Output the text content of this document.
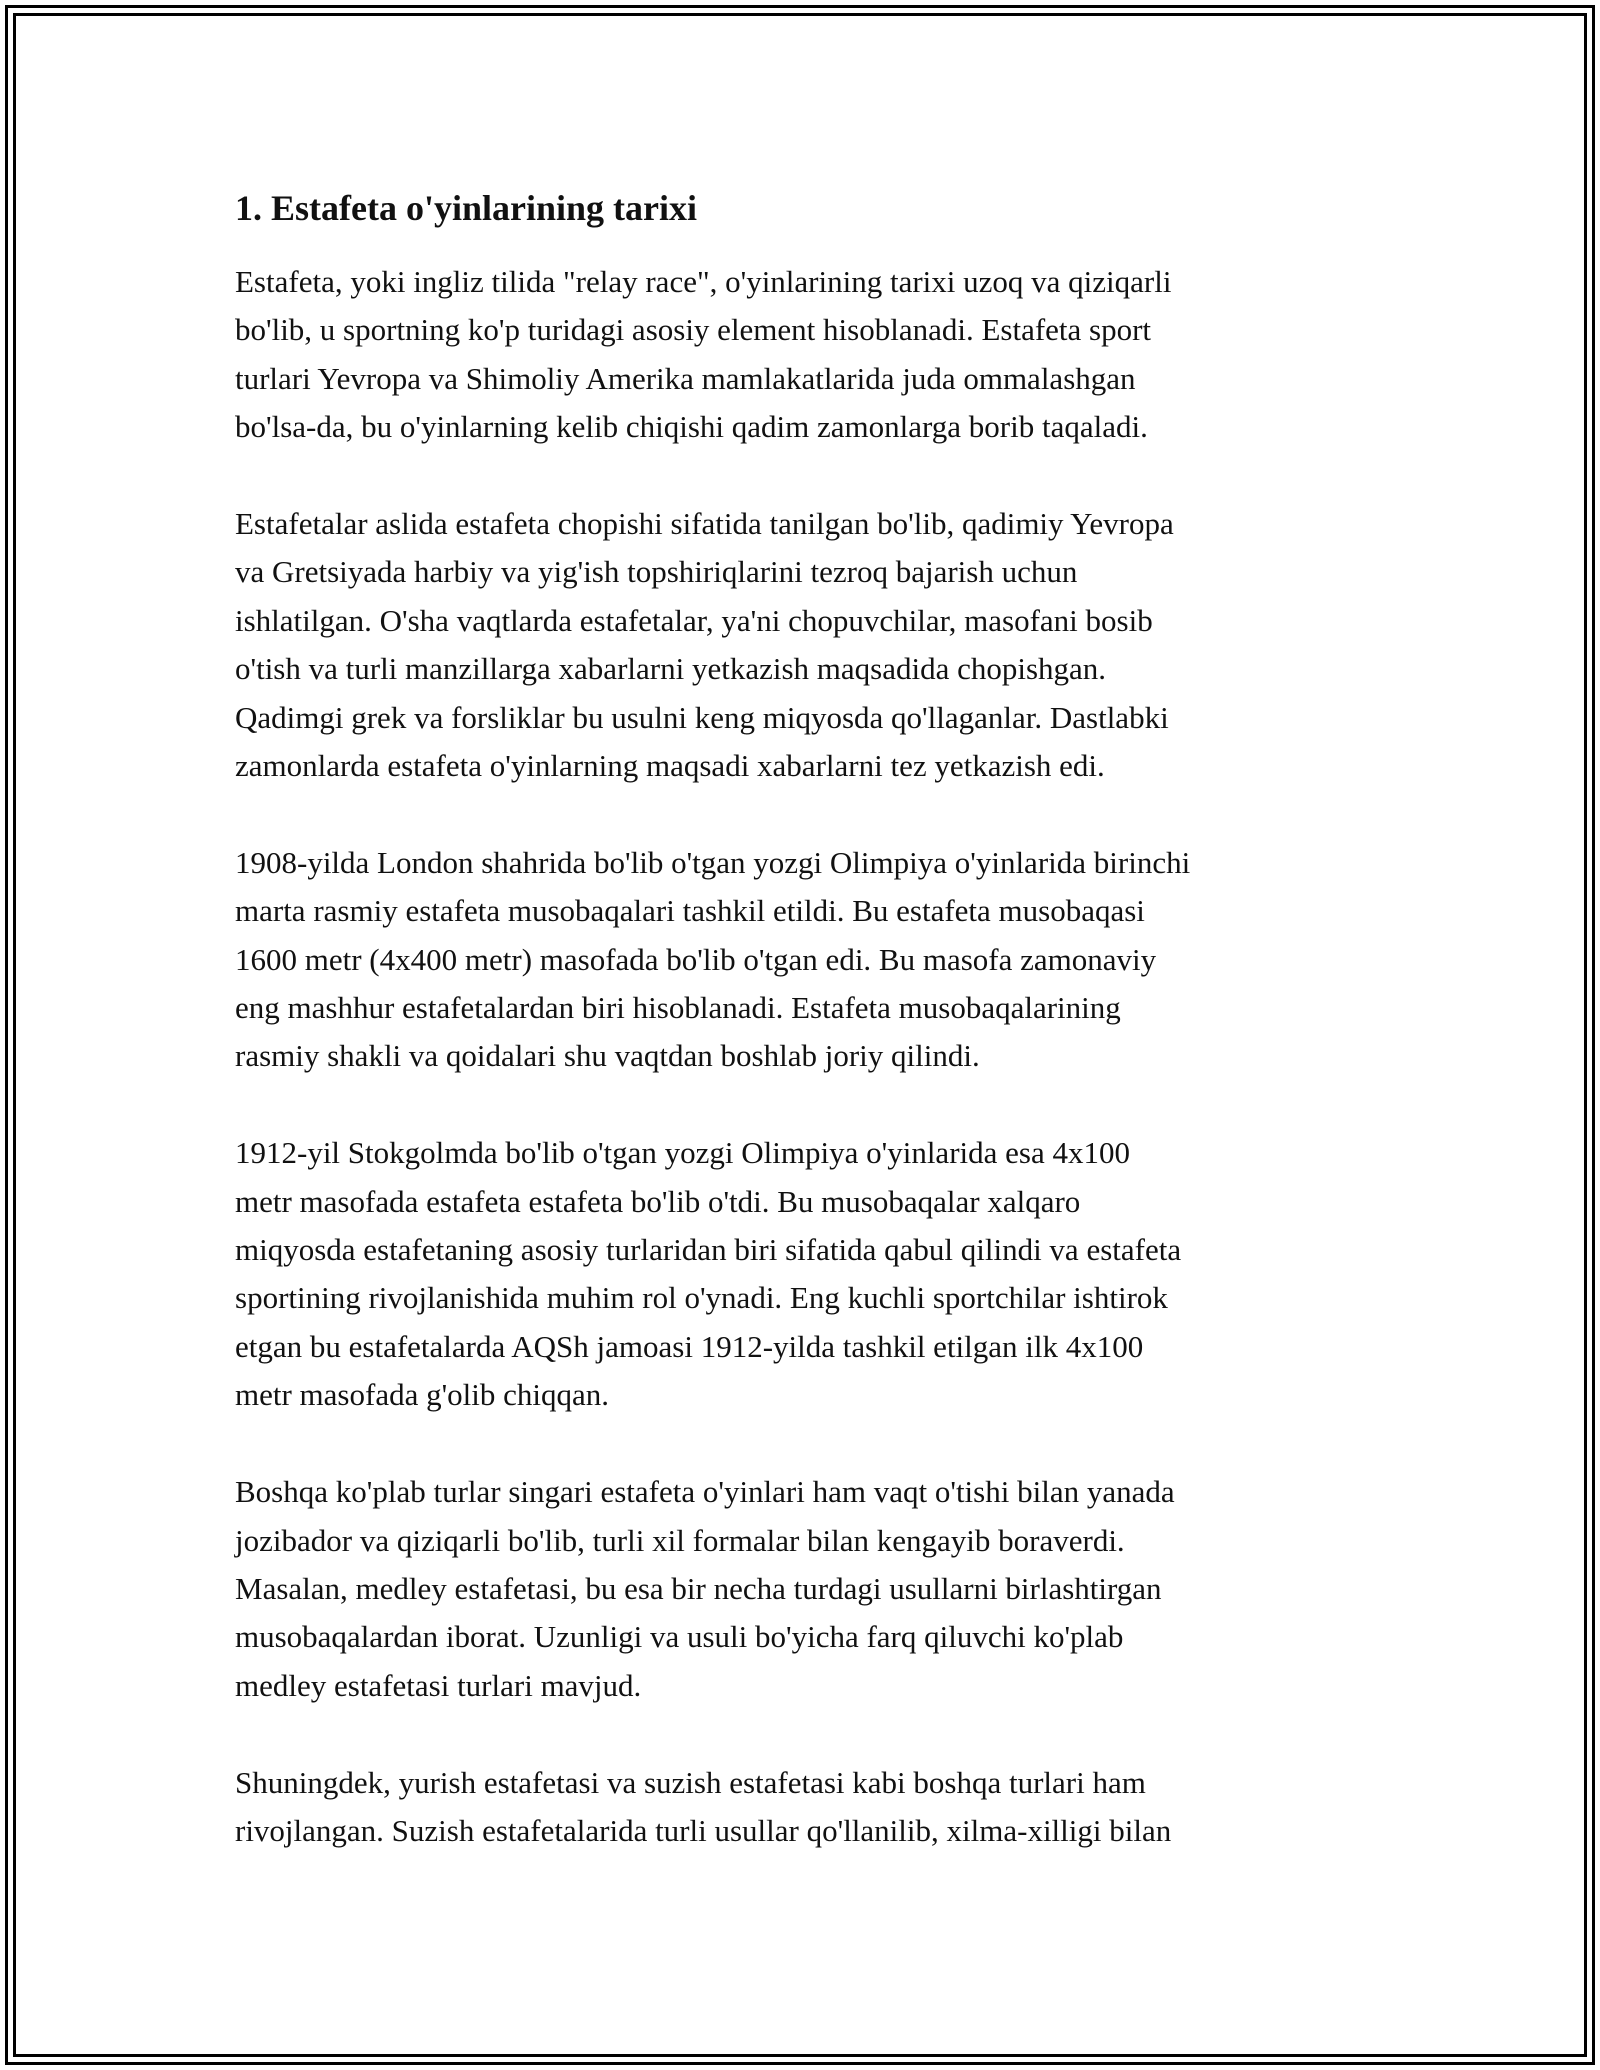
1. Estafeta o'yinlarining tarixi

Estafeta, yoki ingliz tilida "relay race", o'yinlarining tarixi uzoq va qiziqarli
bo'lib, u sportning ko'p turidagi asosiy element hisoblanadi. Estafeta sport
turlari Yevropa va Shimoliy Amerika mamlakatlarida juda ommalashgan
bo'lsa-da, bu o'yinlarning kelib chiqishi qadim zamonlarga borib taqaladi.

Estafetalar aslida estafeta chopishi sifatida tanilgan bo'lib, qadimiy Yevropa
va Gretsiyada harbiy va yig'ish topshiriqlarini tezroq bajarish uchun
ishlatilgan. O'sha vaqtlarda estafetalar, ya'ni chopuvchilar, masofani bosib
o'tish va turli manzillarga xabarlarni yetkazish maqsadida chopishgan.
Qadimgi grek va forsliklar bu usulni keng miqyosda qo'llaganlar. Dastlabki
zamonlarda estafeta o'yinlarning maqsadi xabarlarni tez yetkazish edi.

1908-yilda London shahrida bo'lib o'tgan yozgi Olimpiya o'yinlarida birinchi
marta rasmiy estafeta musobaqalari tashkil etildi. Bu estafeta musobaqasi
1600 metr (4x400 metr) masofada bo'lib o'tgan edi. Bu masofa zamonaviy
eng mashhur estafetalardan biri hisoblanadi. Estafeta musobaqalarining
rasmiy shakli va qoidalari shu vaqtdan boshlab joriy qilindi.

1912-yil Stokgolmda bo'lib o'tgan yozgi Olimpiya o'yinlarida esa 4x100
metr masofada estafeta estafeta bo'lib o'tdi. Bu musobaqalar xalqaro
miqyosda estafetaning asosiy turlaridan biri sifatida qabul qilindi va estafeta
sportining rivojlanishida muhim rol o'ynadi. Eng kuchli sportchilar ishtirok
etgan bu estafetalarda AQSh jamoasi 1912-yilda tashkil etilgan ilk 4x100
metr masofada g'olib chiqqan.

Boshqa ko'plab turlar singari estafeta o'yinlari ham vaqt o'tishi bilan yanada
jozibador va qiziqarli bo'lib, turli xil formalar bilan kengayib boraverdi.
Masalan, medley estafetasi, bu esa bir necha turdagi usullarni birlashtirgan
musobaqalardan iborat. Uzunligi va usuli bo'yicha farq qiluvchi ko'plab
medley estafetasi turlari mavjud.

Shuningdek, yurish estafetasi va suzish estafetasi kabi boshqa turlari ham
rivojlangan. Suzish estafetalarida turli usullar qo'llanilib, xilma-xilligi bilan
